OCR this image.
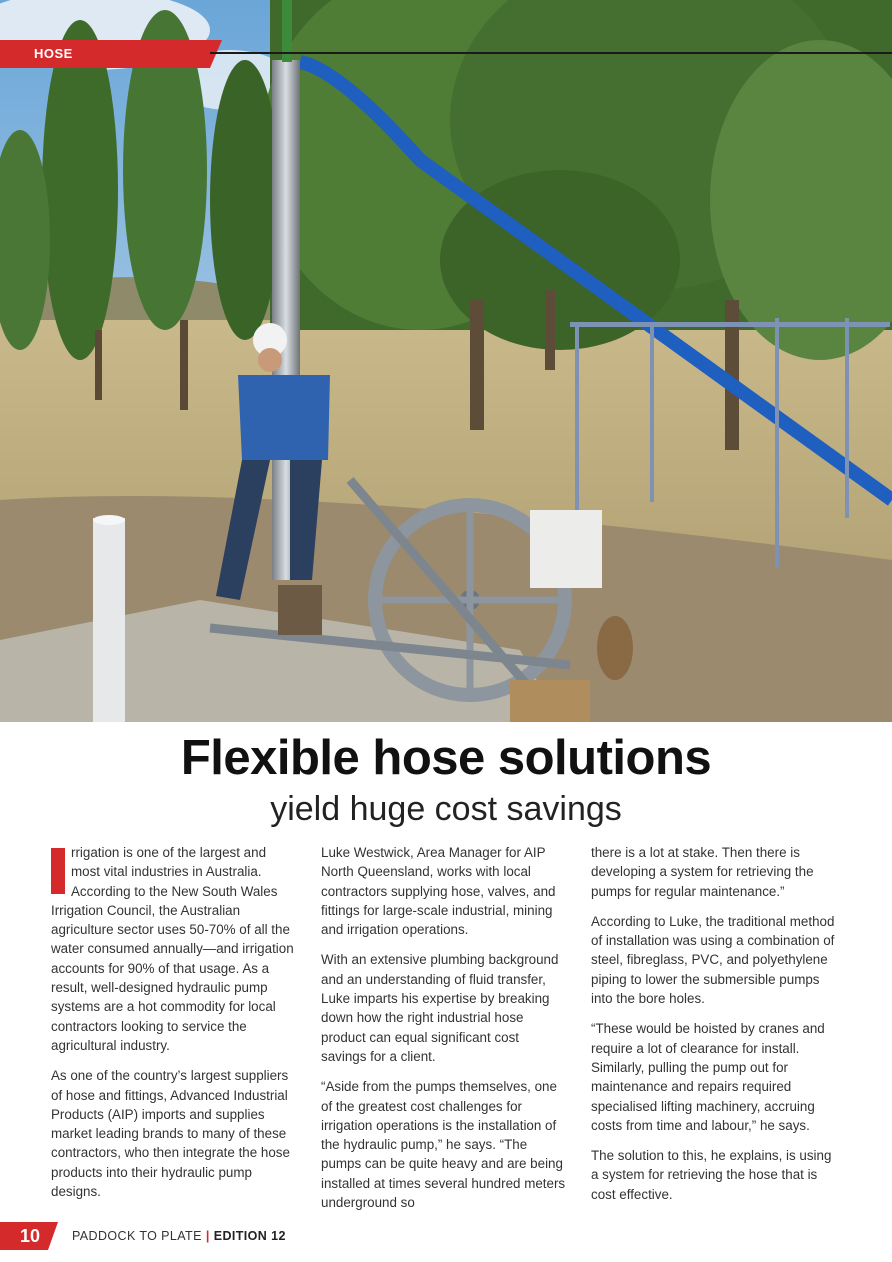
HOSE
Flexible hose solutions
yield huge cost savings

rrigation is one of the largest and most vital industries in Australia. According to the New South Wales Irrigation Council, the Australian agriculture sector uses 50-70% of all the water consumed annually—and irrigation accounts for 90% of that usage. As a result, well-designed hydraulic pump systems are a hot commodity for local contractors looking to service the agricultural industry.

As one of the country’s largest suppliers of hose and fittings, Advanced Industrial Products (AIP) imports and supplies market leading brands to many of these contractors, who then integrate the hose products into their hydraulic pump designs.

Luke Westwick, Area Manager for AIP North Queensland, works with local contractors supplying hose, valves, and fittings for large-scale industrial, mining and irrigation operations.

With an extensive plumbing background and an understanding of fluid transfer, Luke imparts his expertise by breaking down how the right industrial hose product can equal significant cost savings for a client.

“Aside from the pumps themselves, one of the greatest cost challenges for irrigation operations is the installation of the hydraulic pump,” he says. “The pumps can be quite heavy and are being installed at times several hundred meters underground so

there is a lot at stake. Then there is developing a system for retrieving the pumps for regular maintenance.”

According to Luke, the traditional method of installation was using a combination of steel, fibreglass, PVC, and polyethylene piping to lower the submersible pumps into the bore holes.

“These would be hoisted by cranes and require a lot of clearance for install. Similarly, pulling the pump out for maintenance and repairs required specialised lifting machinery, accruing costs from time and labour,” he says.

The solution to this, he explains, is using a system for retrieving the hose that is cost effective.

10	PADDOCK TO PLATE | EDITION 12
